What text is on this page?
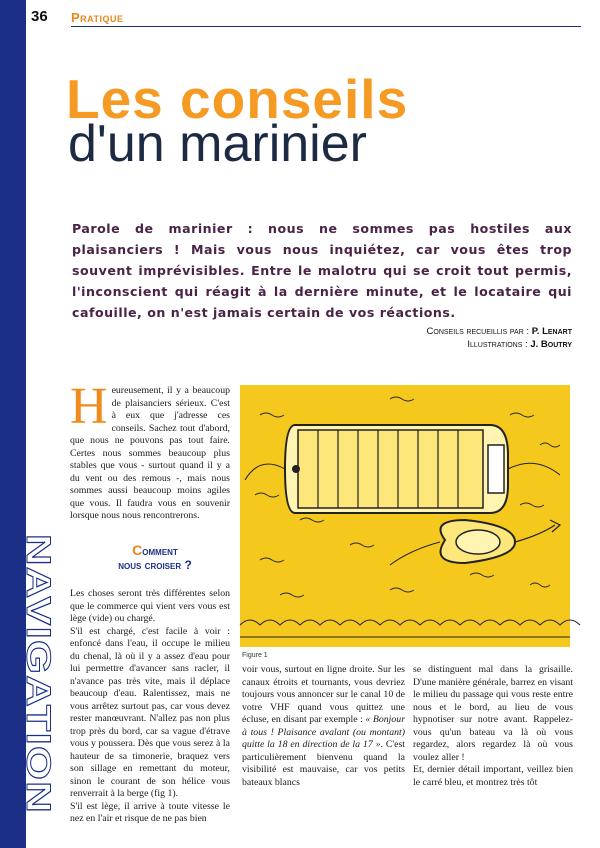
NAVIGATION
36 Pratique
Les conseils
d'un marinier
Parole de marinier : nous ne sommes pas hostiles aux plaisanciers ! Mais vous nous inquiétez, car vous êtes trop souvent imprévisibles. Entre le malotru qui se croit tout permis, l'inconscient qui réagit à la dernière minute, et le locataire qui cafouille, on n'est jamais certain de vos réactions.
Conseils recueillis par : P. Lenart
Illustrations : J. Boutry
H eureusement, il y a beaucoup de plaisanciers sérieux. C'est à eux que j'adresse ces conseils. Sachez tout d'abord, que nous ne pouvons pas tout faire. Certes nous sommes beaucoup plus stables que vous - surtout quand il y a du vent ou des remous -, mais nous sommes aussi beaucoup moins agiles que vous. Il faudra vous en souvenir lorsque nous nous rencontrerons.

Comment
nous croiser ?

Les choses seront très différentes selon que le commerce qui vient vers vous est lège (vide) ou chargé.

S'il est chargé, c'est facile à voir : enfoncé dans l'eau, il occupe le milieu du chenal, là où il y a assez d'eau pour lui permettre d'avancer sans racler, il n'avance pas très vite, mais il déplace beaucoup d'eau. Ralentissez, mais ne vous arrêtez surtout pas, car vous devez rester manœuvrant. N'allez pas non plus trop près du bord, car sa vague d'étrave vous y poussera. Dès que vous serez à la hauteur de sa timonerie, braquez vers son sillage en remettant du moteur, sinon le courant de son hélice vous renverrait à la berge (fig 1).

S'il est lège, il arrive à toute vitesse le nez en l'air et risque de ne pas bien

Figure 1

voir vous, surtout en ligne droite. Sur les canaux étroits et tournants, vous devriez toujours vous annoncer sur le canal 10 de votre VHF quand vous quittez une écluse, en disant par exemple : « Bonjour à tous ! Plaisance avalant (ou montant) quitte la 18 en direction de la 17 ». C'est particulièrement bienvenu quand la visibilité est mauvaise, car vos petits bateaux blancs

se distinguent mal dans la grisaille. D'une manière générale, barrez en visant le milieu du passage qui vous reste entre nous et le bord, au lieu de vous hypnotiser sur notre avant. Rappelez-vous qu'un bateau va là où vous regardez, alors regardez là où vous voulez aller !

Et, dernier détail important, veillez bien le carré bleu, et montrez très tôt
